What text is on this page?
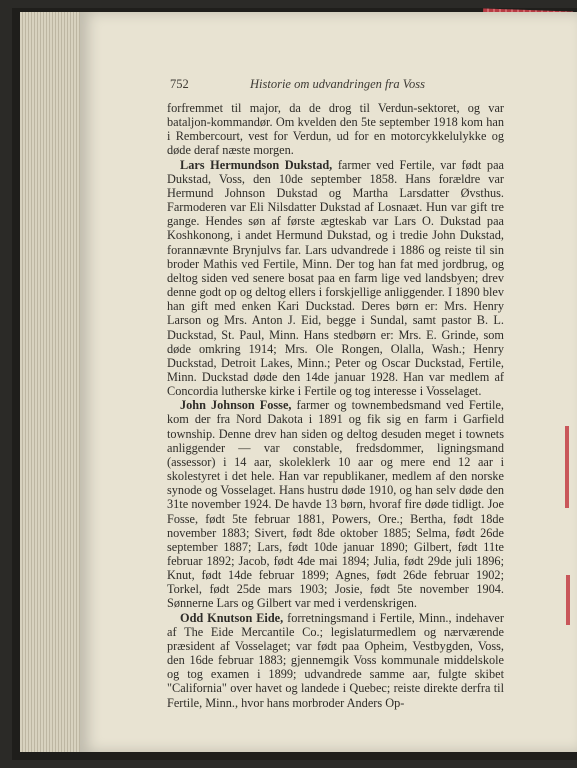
752	Historie om udvandringen fra Voss

forfremmet til major, da de drog til Verdun-sektoret, og var bataljon-kommandør. Om kvelden den 5te september 1918 kom han i Rembercourt, vest for Verdun, ud for en motorcykkelulykke og døde deraf næste morgen.

Lars Hermundson Dukstad, farmer ved Fertile, var født paa Dukstad, Voss, den 10de september 1858. Hans forældre var Hermund Johnson Dukstad og Martha Larsdatter Øvsthus. Farmoderen var Eli Nilsdatter Dukstad af Losnaæt. Hun var gift tre gange. Hendes søn af første ægteskab var Lars O. Dukstad paa Koshkonong, i andet Hermund Dukstad, og i tredie John Dukstad, forannævnte Brynjulvs far. Lars udvandrede i 1886 og reiste til sin broder Mathis ved Fertile, Minn. Der tog han fat med jordbrug, og deltog siden ved senere bosat paa en farm lige ved landsbyen; drev denne godt op og deltog ellers i forskjellige anliggender. I 1890 blev han gift med enken Kari Duckstad. Deres børn er: Mrs. Henry Larson og Mrs. Anton J. Eid, begge i Sundal, samt pastor B. L. Duckstad, St. Paul, Minn. Hans stedbørn er: Mrs. E. Grinde, som døde omkring 1914; Mrs. Ole Rongen, Olalla, Wash.; Henry Duckstad, Detroit Lakes, Minn.; Peter og Oscar Duckstad, Fertile, Minn. Duckstad døde den 14de januar 1928. Han var medlem af Concordia lutherske kirke i Fertile og tog interesse i Vosselaget.

John Johnson Fosse, farmer og townembedsmand ved Fertile, kom der fra Nord Dakota i 1891 og fik sig en farm i Garfield township. Denne drev han siden og deltog desuden meget i townets anliggender — var constable, fredsdommer, ligningsmand (assessor) i 14 aar, skoleklerk 10 aar og mere end 12 aar i skolestyret i det hele. Han var republikaner, medlem af den norske synode og Vosselaget. Hans hustru døde 1910, og han selv døde den 31te november 1924. De havde 13 børn, hvoraf fire døde tidligt. Joe Fosse, født 5te februar 1881, Powers, Ore.; Bertha, født 18de november 1883; Sivert, født 8de oktober 1885; Selma, født 26de september 1887; Lars, født 10de januar 1890; Gilbert, født 11te februar 1892; Jacob, født 4de mai 1894; Julia, født 29de juli 1896; Knut, født 14de februar 1899; Agnes, født 26de februar 1902; Torkel, født 25de mars 1903; Josie, født 5te november 1904. Sønnerne Lars og Gilbert var med i verdenskrigen.

Odd Knutson Eide, forretningsmand i Fertile, Minn., indehaver af The Eide Mercantile Co.; legislaturmedlem og nærværende præsident af Vosselaget; var født paa Opheim, Vestbygden, Voss, den 16de februar 1883; gjennemgik Voss kommunale middelskole og tog examen i 1899; udvandrede samme aar, fulgte skibet "California" over havet og landede i Quebec; reiste direkte derfra til Fertile, Minn., hvor hans morbroder Anders Op-
